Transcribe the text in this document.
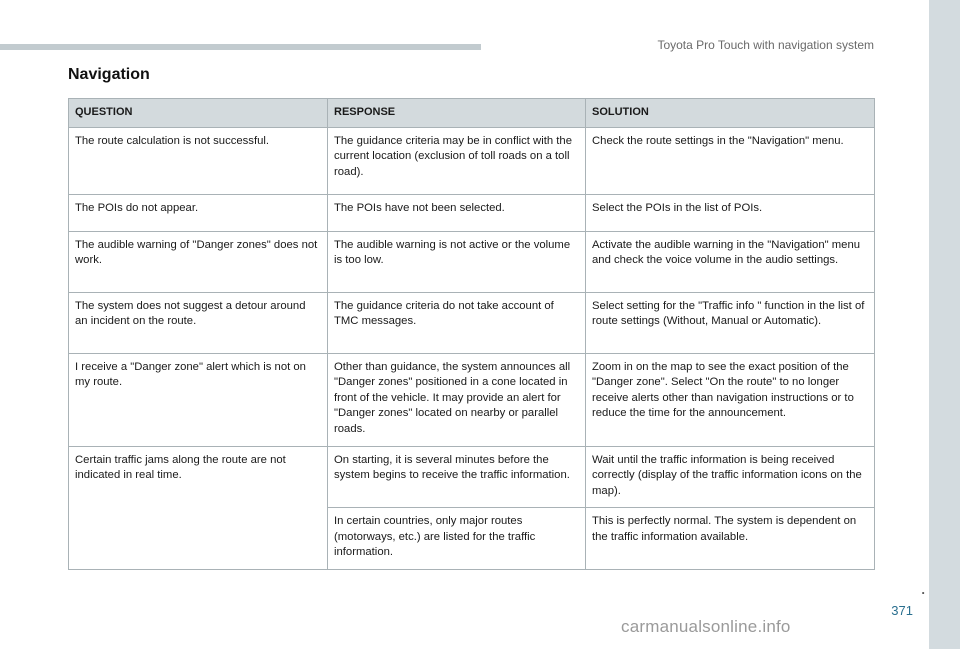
Toyota Pro Touch with navigation system
Navigation
QUESTION	RESPONSE	SOLUTION
The route calculation is not successful.	The guidance criteria may be in conflict with the current location (exclusion of toll roads on a toll road).	Check the route settings in the "Navigation" menu.
The POIs do not appear.	The POIs have not been selected.	Select the POIs in the list of POIs.
The audible warning of "Danger zones" does not work.	The audible warning is not active or the volume is too low.	Activate the audible warning in the "Navigation" menu and check the voice volume in the audio settings.
The system does not suggest a detour around an incident on the route.	The guidance criteria do not take account of TMC messages.	Select setting for the "Traffic info " function in the list of route settings (Without, Manual or Automatic).
I receive a "Danger zone" alert which is not on my route.	Other than guidance, the system announces all "Danger zones" positioned in a cone located in front of the vehicle. It may provide an alert for "Danger zones" located on nearby or parallel roads.	Zoom in on the map to see the exact position of the "Danger zone". Select "On the route" to no longer receive alerts other than navigation instructions or to reduce the time for the announcement.
Certain traffic jams along the route are not indicated in real time.	On starting, it is several minutes before the system begins to receive the traffic information.	Wait until the traffic information is being received correctly (display of the traffic information icons on the map).
	In certain countries, only major routes (motorways, etc.) are listed for the traffic information.	This is perfectly normal. The system is dependent on the traffic information available.
.
371
carmanualsonline.info
